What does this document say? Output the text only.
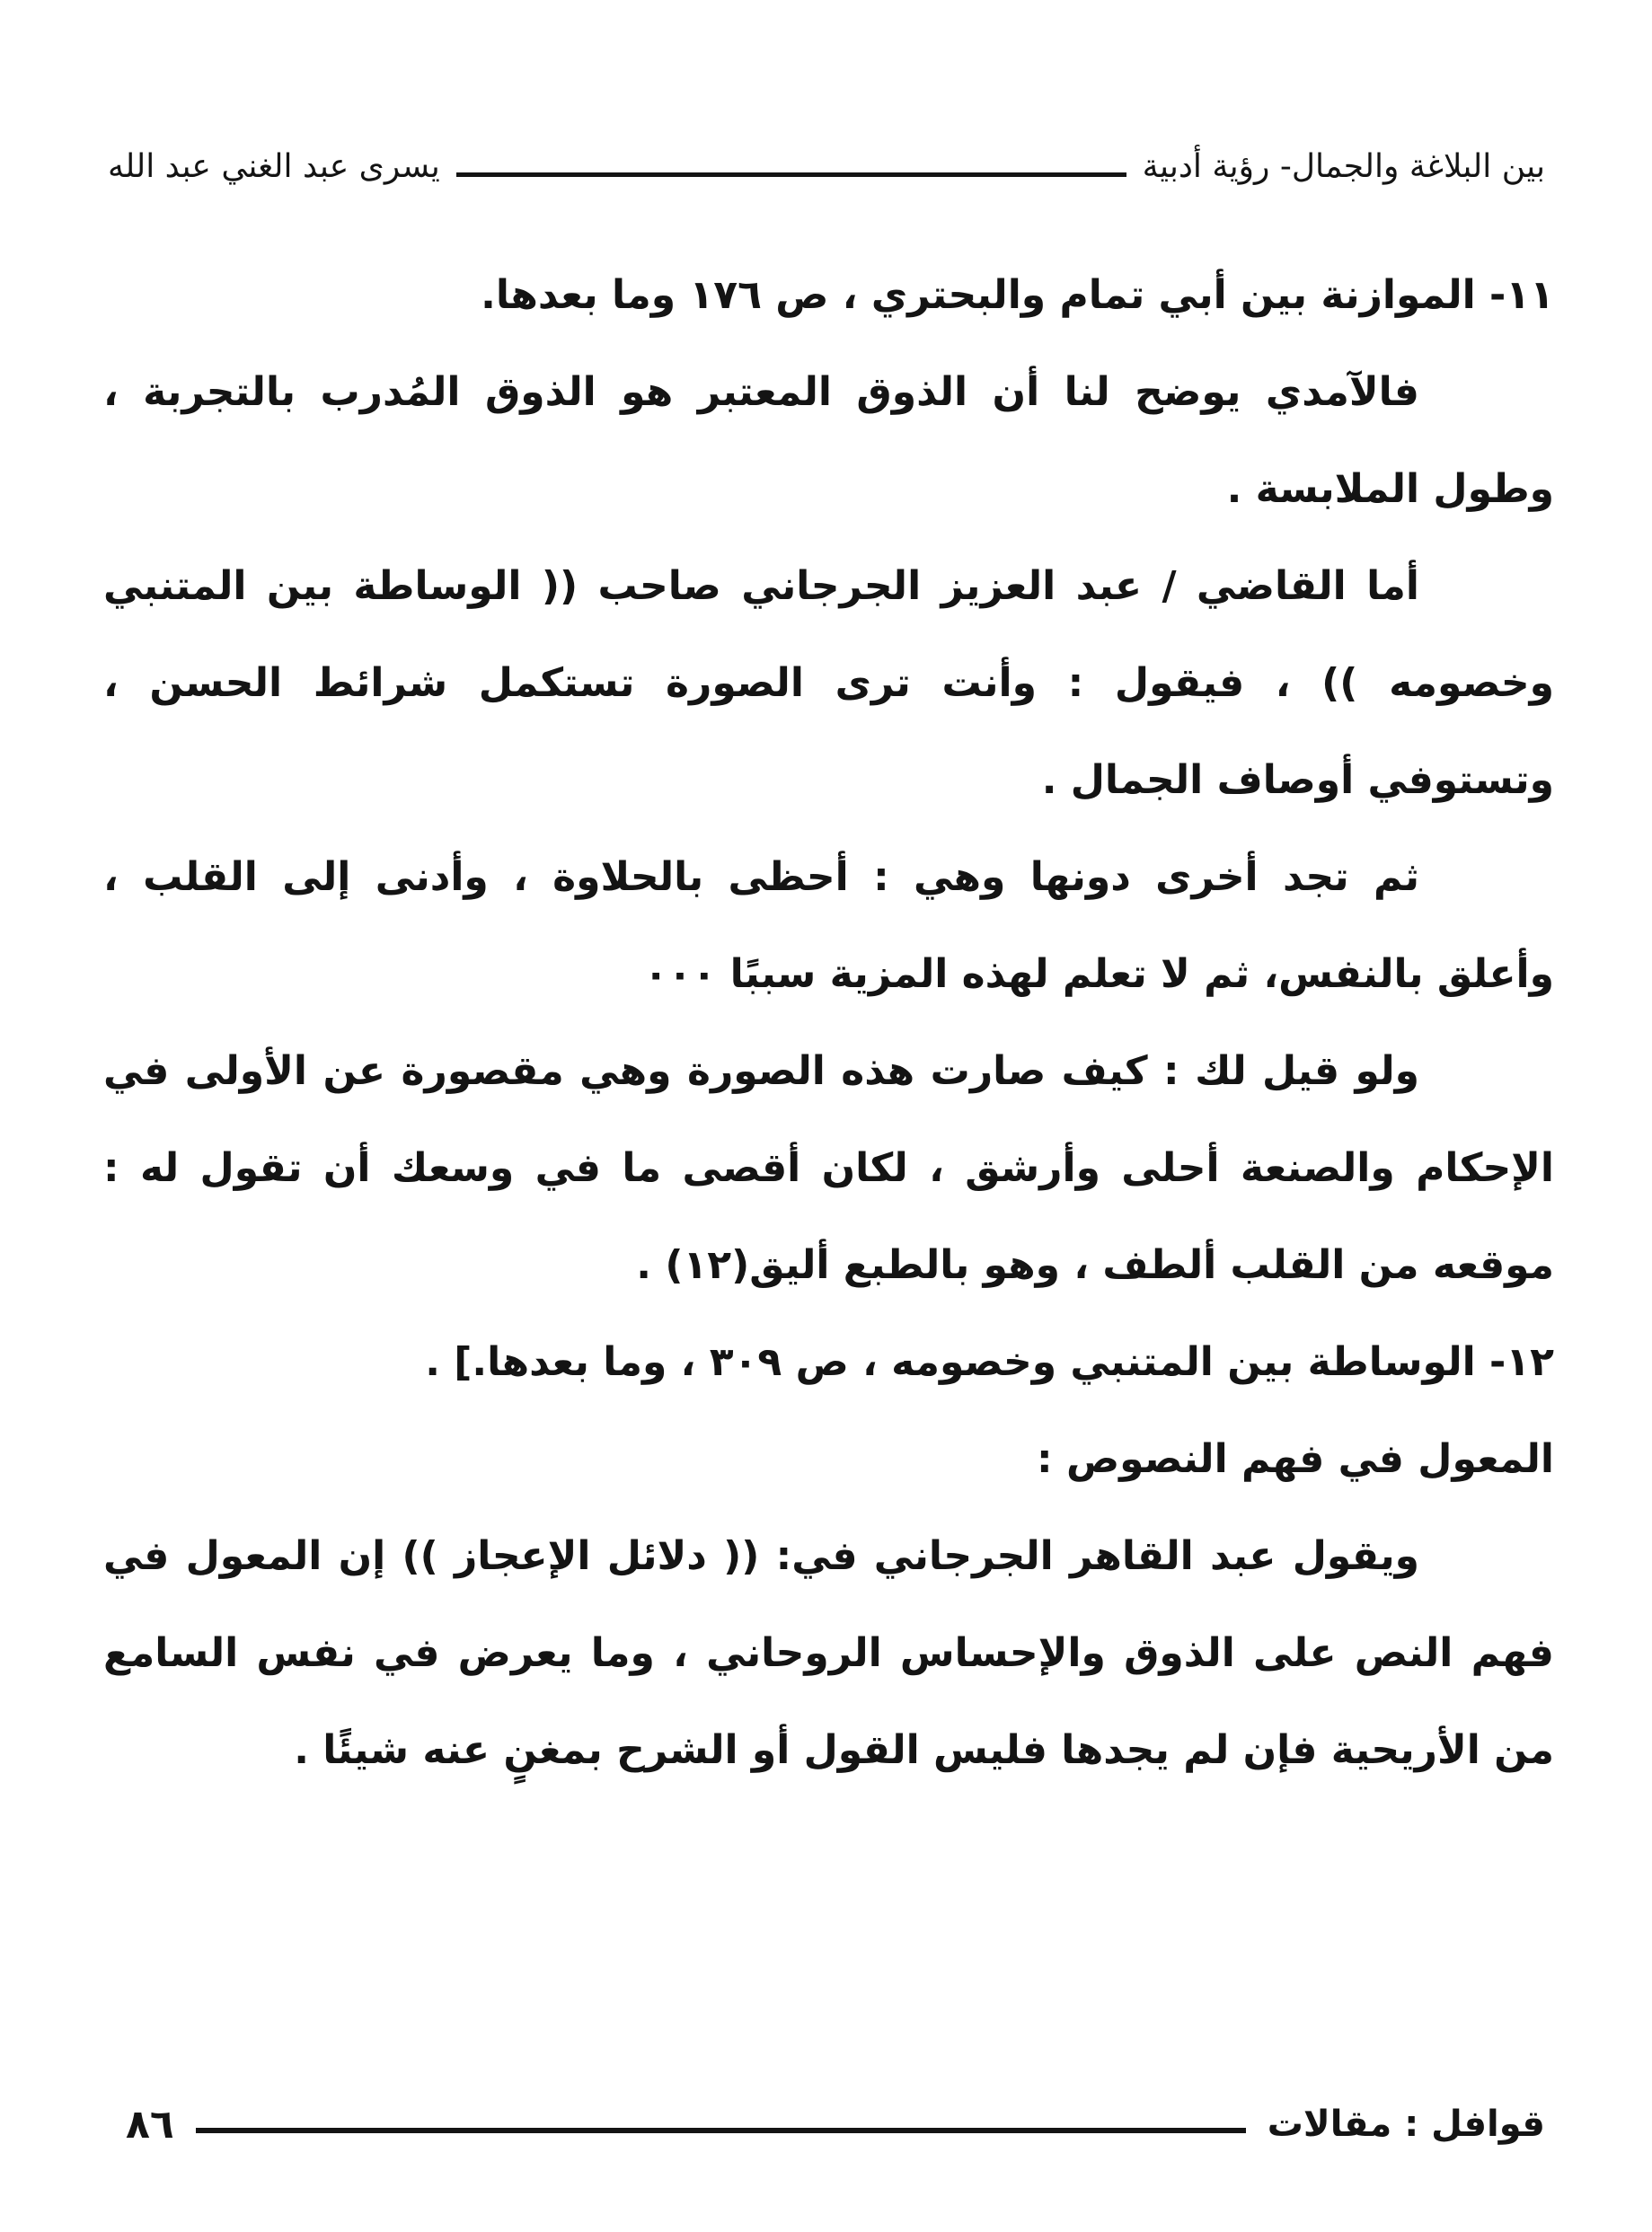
بين البلاغة والجمال- رؤية أدبية
يسرى عبد الغني عبد الله

١١- الموازنة بين أبي تمام والبحتري ، ص ١٧٦ وما بعدها.

فالآمدي يوضح لنا أن الذوق المعتبر هو الذوق المُدرب بالتجربة ، وطول الملابسة .

أما القاضي / عبد العزيز الجرجاني صاحب (( الوساطة بين المتنبي وخصومه )) ، فيقول : وأنت ترى الصورة تستكمل شرائط الحسن ، وتستوفي أوصاف الجمال .

ثم تجد أخرى دونها وهي : أحظى بالحلاوة ، وأدنى إلى القلب ، وأعلق بالنفس، ثم لا تعلم لهذه المزية سببًا ٠٠٠

ولو قيل لك : كيف صارت هذه الصورة وهي مقصورة عن الأولى في الإحكام والصنعة أحلى وأرشق ، لكان أقصى ما في وسعك أن تقول له : موقعه من القلب ألطف ، وهو بالطبع أليق(١٢) .

١٢- الوساطة بين المتنبي وخصومه ، ص ٣٠٩ ، وما بعدها.] .

المعول في فهم النصوص :

ويقول عبد القاهر الجرجاني في: (( دلائل الإعجاز )) إن المعول في فهم النص على الذوق والإحساس الروحاني ، وما يعرض في نفس السامع من الأريحية فإن لم يجدها فليس القول أو الشرح بمغنٍ عنه شيئًا .

قوافل : مقالات
٨٦
